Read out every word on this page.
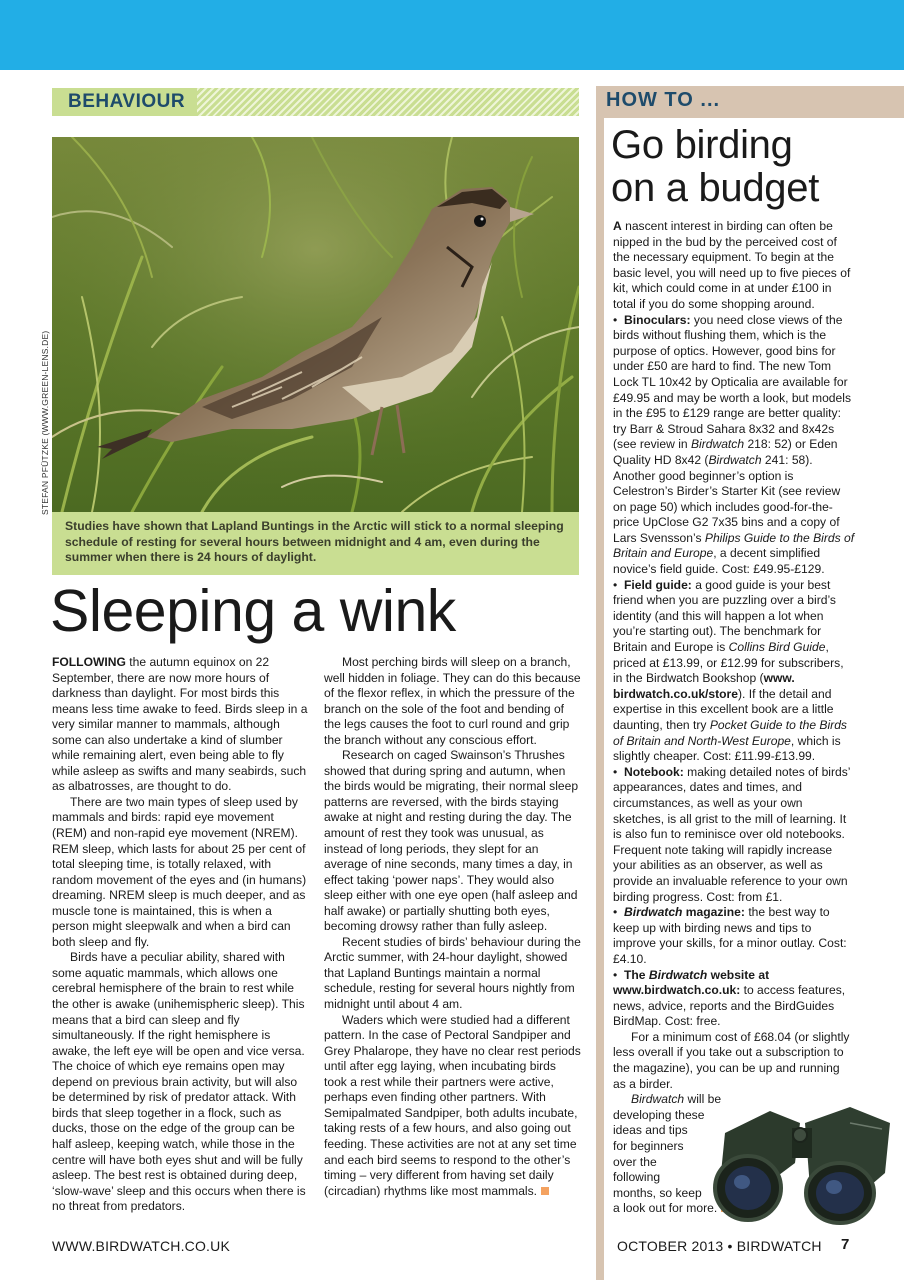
BEHAVIOUR
STEFAN PFÜTZKE (WWW.GREEN-LENS.DE)
Studies have shown that Lapland Buntings in the Arctic will stick to a normal sleeping schedule of resting for several hours between midnight and 4 am, even during the summer when there is 24 hours of daylight.
Sleeping a wink

FOLLOWING the autumn equinox on 22 September, there are now more hours of darkness than daylight. For most birds this means less time awake to feed. Birds sleep in a very similar manner to mammals, although some can also undertake a kind of slumber while remaining alert, even being able to fly while asleep as swifts and many seabirds, such as albatrosses, are thought to do.

There are two main types of sleep used by mammals and birds: rapid eye movement (REM) and non-rapid eye movement (NREM). REM sleep, which lasts for about 25 per cent of total sleeping time, is totally relaxed, with random movement of the eyes and (in humans) dreaming. NREM sleep is much deeper, and as muscle tone is maintained, this is when a person might sleepwalk and when a bird can both sleep and fly.

Birds have a peculiar ability, shared with some aquatic mammals, which allows one cerebral hemisphere of the brain to rest while the other is awake (unihemispheric sleep). This means that a bird can sleep and fly simultaneously. If the right hemisphere is awake, the left eye will be open and vice versa. The choice of which eye remains open may depend on previous brain activity, but will also be determined by risk of predator attack. With birds that sleep together in a flock, such as ducks, those on the edge of the group can be half asleep, keeping watch, while those in the centre will have both eyes shut and will be fully asleep. The best rest is obtained during deep, ‘slow-wave’ sleep and this occurs when there is no threat from predators.

Most perching birds will sleep on a branch, well hidden in foliage. They can do this because of the flexor reflex, in which the pressure of the branch on the sole of the foot and bending of the legs causes the foot to curl round and grip the branch without any conscious effort.

Research on caged Swainson’s Thrushes showed that during spring and autumn, when the birds would be migrating, their normal sleep patterns are reversed, with the birds staying awake at night and resting during the day. The amount of rest they took was unusual, as instead of long periods, they slept for an average of nine seconds, many times a day, in effect taking ‘power naps’. They would also sleep either with one eye open (half asleep and half awake) or partially shutting both eyes, becoming drowsy rather than fully asleep.

Recent studies of birds’ behaviour during the Arctic summer, with 24-hour daylight, showed that Lapland Buntings maintain a normal schedule, resting for several hours nightly from midnight until about 4 am.

Waders which were studied had a different pattern. In the case of Pectoral Sandpiper and Grey Phalarope, they have no clear rest periods until after egg laying, when incubating birds took a rest while their partners were active, perhaps even finding other partners. With Semipalmated Sandpiper, both adults incubate, taking rests of a few hours, and also going out feeding. These activities are not at any set time and each bird seems to respond to the other’s timing – very different from having set daily (circadian) rhythms like most mammals.

HOW TO ...
Go birding
on a budget

A nascent interest in birding can often be nipped in the bud by the perceived cost of the necessary equipment. To begin at the basic level, you will need up to five pieces of kit, which could come in at under £100 in total if you do some shopping around.

•  Binoculars: you need close views of the birds without flushing them, which is the purpose of optics. However, good bins for under £50 are hard to find. The new Tom Lock TL 10x42 by Opticalia are available for £49.95 and may be worth a look, but models in the £95 to £129 range are better quality: try Barr & Stroud Sahara 8x32 and 8x42s (see review in Birdwatch 218: 52) or Eden Quality HD 8x42 (Birdwatch 241: 58). Another good beginner’s option is Celestron’s Birder’s Starter Kit (see review on page 50) which includes good-for-the-price UpClose G2 7x35 bins and a copy of Lars Svensson’s Philips Guide to the Birds of Britain and Europe, a decent simplified novice’s field guide. Cost: £49.95-£129.

•  Field guide: a good guide is your best friend when you are puzzling over a bird’s identity (and this will happen a lot when you’re starting out). The benchmark for Britain and Europe is Collins Bird Guide, priced at £13.99, or £12.99 for subscribers, in the Birdwatch Bookshop (www. birdwatch.co.uk/store). If the detail and expertise in this excellent book are a little daunting, then try Pocket Guide to the Birds of Britain and North-West Europe, which is slightly cheaper. Cost: £11.99-£13.99.

•  Notebook: making detailed notes of birds’ appearances, dates and times, and circumstances, as well as your own sketches, is all grist to the mill of learning. It is also fun to reminisce over old notebooks. Frequent note taking will rapidly increase your abilities as an observer, as well as provide an invaluable reference to your own birding progress. Cost: from £1.

•  Birdwatch magazine: the best way to keep up with birding news and tips to improve your skills, for a minor outlay. Cost: £4.10.

•  The Birdwatch website at www.birdwatch.co.uk: to access features, news, advice, reports and the BirdGuides BirdMap. Cost: free.

For a minimum cost of £68.04 (or slightly less overall if you take out a subscription to the magazine), you can be up and running as a birder.

Birdwatch will be

developing these

ideas and tips

for beginners

over the

following

months, so keep

a look out for more.

WWW.BIRDWATCH.CO.UK	OCTOBER 2013 • BIRDWATCH 7
